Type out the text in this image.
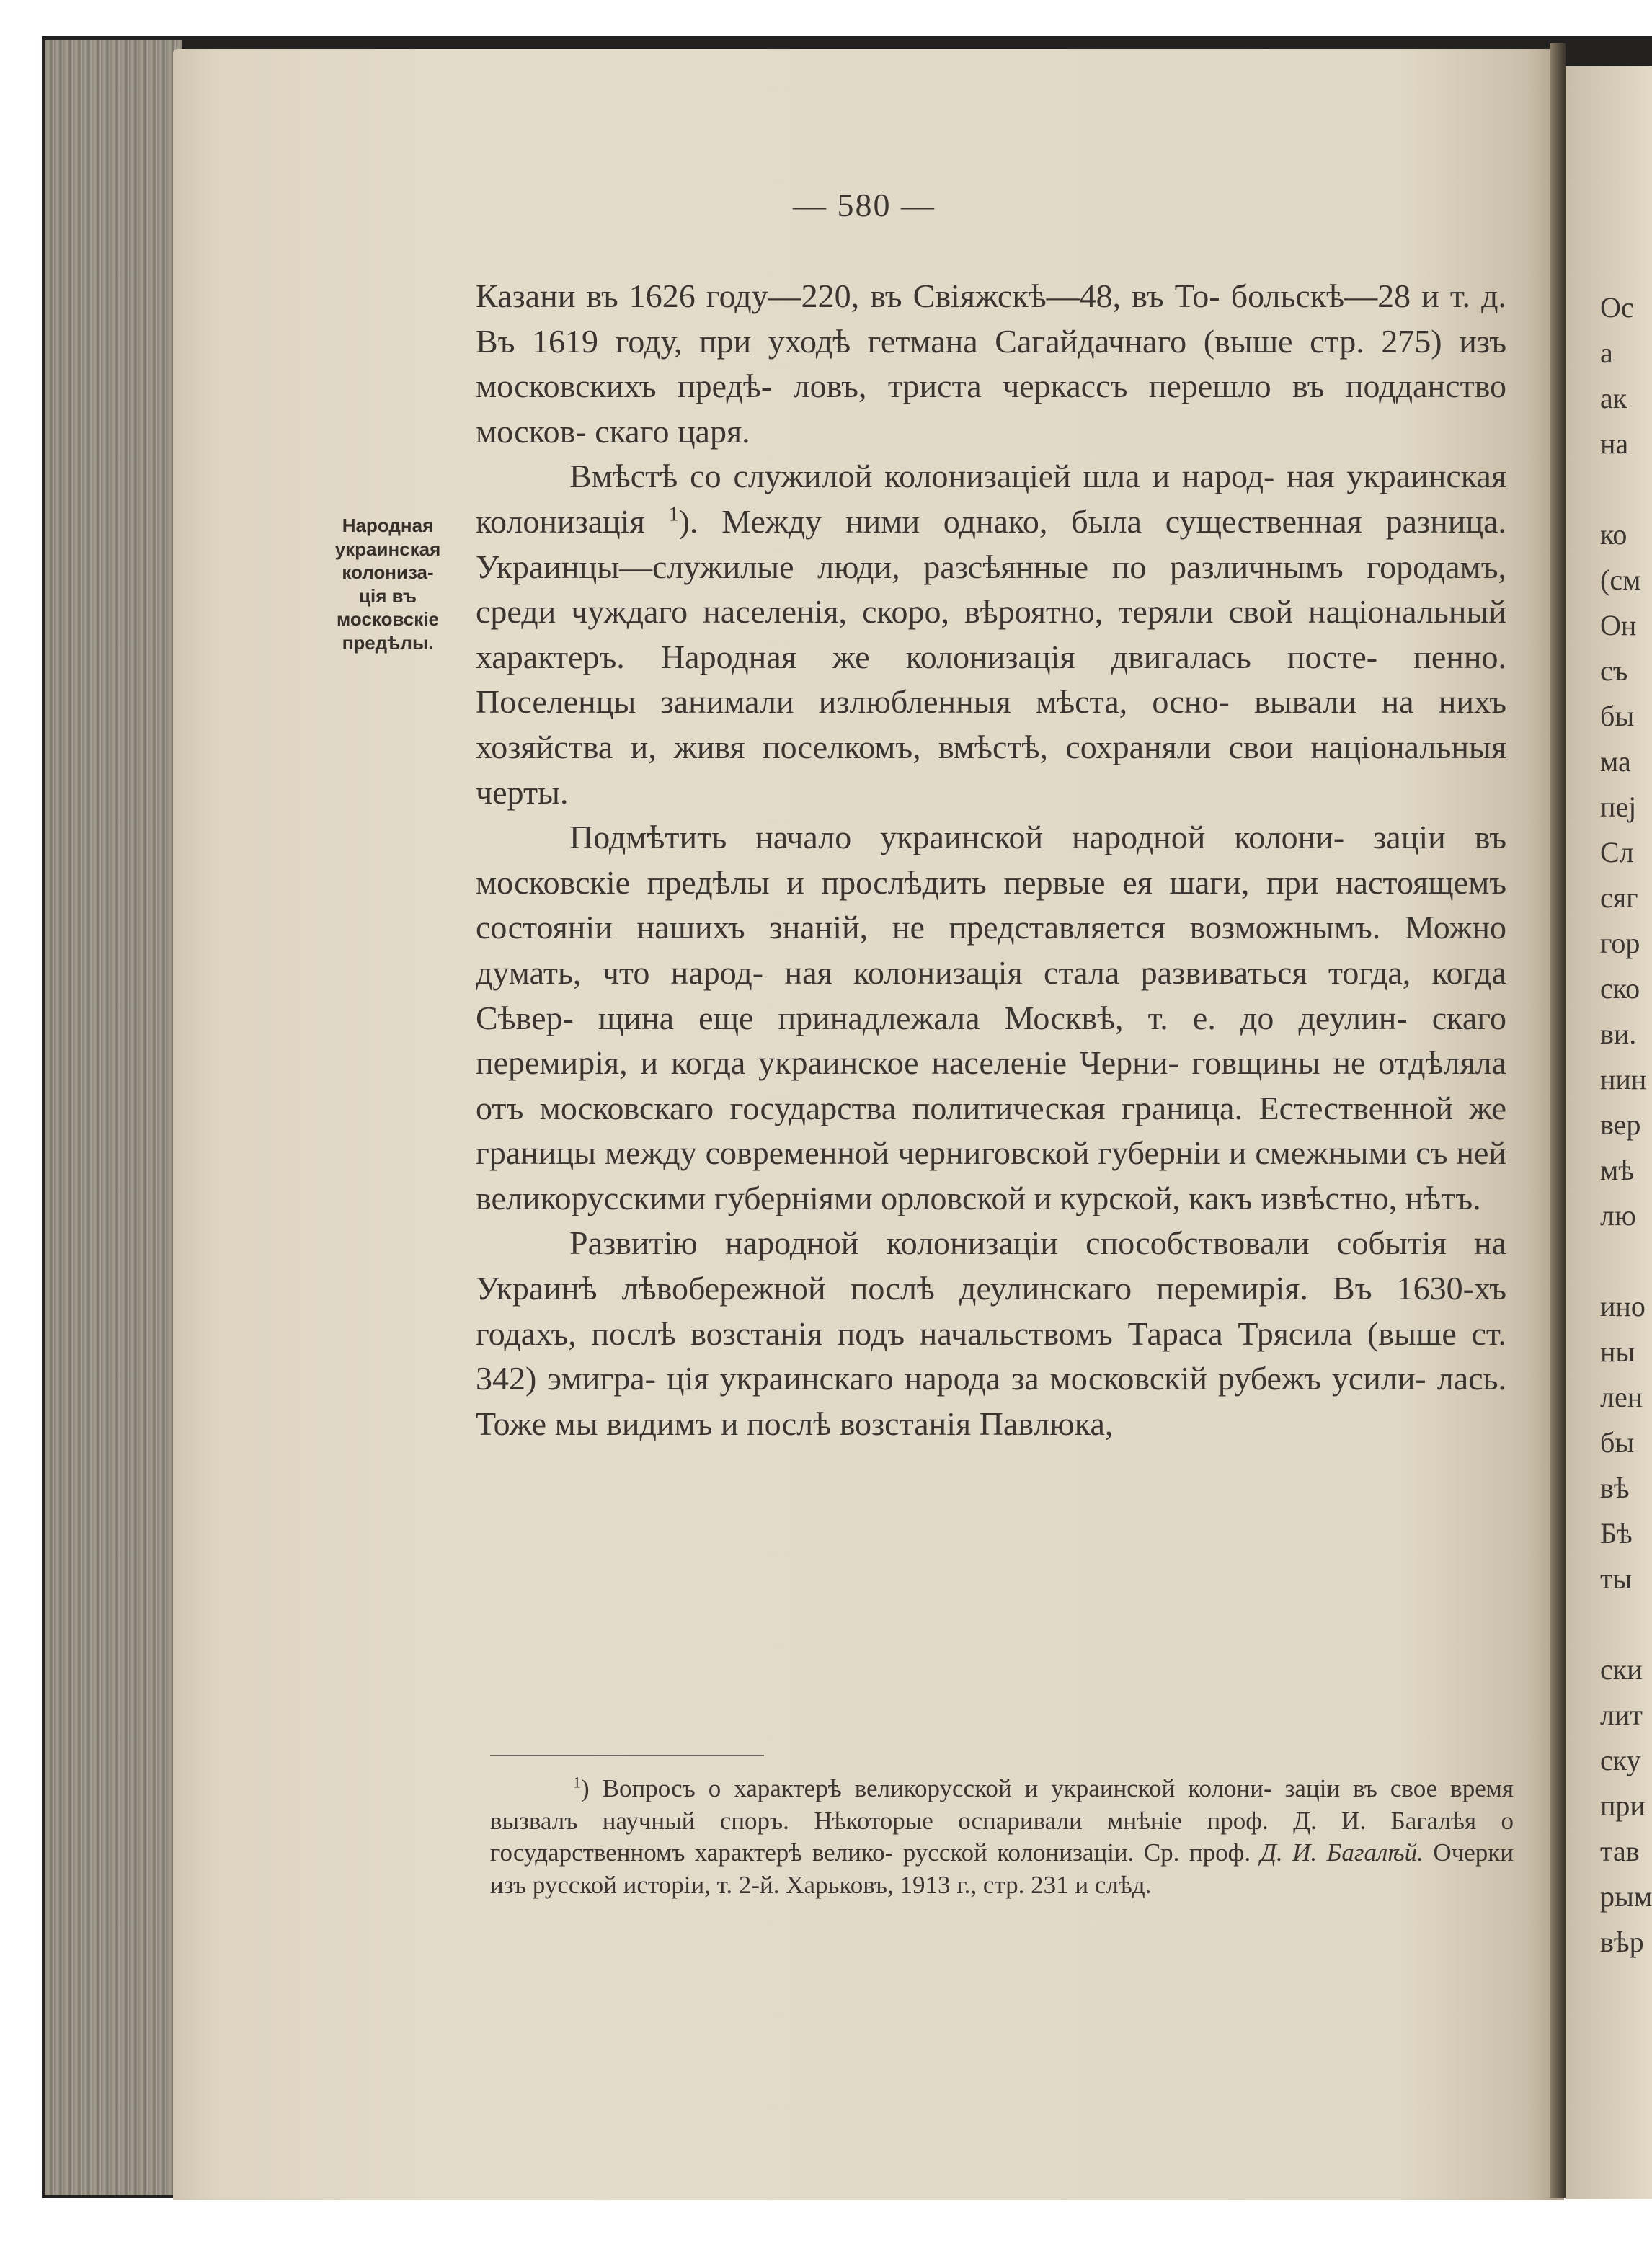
— 580 —
Народная
украинская
колониза-
ція въ
московскіе
предѣлы.

Казани въ 1626 году—220, въ Свіяжскѣ—48, въ То- больскѣ—28 и т. д. Въ 1619 году, при уходѣ гетмана Сагайдачнаго (выше стр. 275) изъ московскихъ предѣ- ловъ, триста черкассъ перешло въ подданство москов- скаго царя.

Вмѣстѣ со служилой колонизаціей шла и народ- ная украинская колонизація $^1$). Между ними однако, была существенная разница. Украинцы—служилые люди, разсѣянные по различнымъ городамъ, среди чуждаго населенія, скоро, вѣроятно, теряли свой національный характеръ. Народная же колонизація двигалась посте- пенно. Поселенцы занимали излюбленныя мѣста, осно- вывали на нихъ хозяйства и, живя поселкомъ, вмѣстѣ, сохраняли свои національныя черты.

Подмѣтить начало украинской народной колони- заціи въ московскіе предѣлы и прослѣдить первые ея шаги, при настоящемъ состояніи нашихъ знаній, не представляется возможнымъ. Можно думать, что народ- ная колонизація стала развиваться тогда, когда Сѣвер- щина еще принадлежала Москвѣ, т. е. до деулин- скаго перемирія, и когда украинское населеніе Черни- говщины не отдѣляла отъ московскаго государства политическая граница. Естественной же границы между современной черниговской губерніи и смежными съ ней великорусскими губерніями орловской и курской, какъ извѣстно, нѣтъ.

Развитію народной колонизаціи способствовали событія на Украинѣ лѣвобережной послѣ деулинскаго перемирія. Въ 1630-хъ годахъ, послѣ возстанія подъ начальствомъ Тараса Трясила (выше ст. 342) эмигра- ція украинскаго народа за московскій рубежъ усили- лась. Тоже мы видимъ и послѣ возстанія Павлюка,

$^1$) Вопросъ о характерѣ великорусской и украинской колони- заціи въ свое время вызвалъ научный споръ. Нѣкоторые оспаривали мнѣніе проф. Д. И. Багалѣя о государственномъ характерѣ велико- русской колонизаціи. Ср. проф. Д. И. Багалѣй. Очерки изъ русской исторіи, т. 2-й. Харьковъ, 1913 г., стр. 231 и слѣд.

Ос
а
ак
на
ко
(см
Он
съ
бы
ма
пеј
Сл
сяг
гор
ско
ви.
нин
вер
мѣ
лю
ино
ны
лен
бы
вѣ
Бѣ
ты
ски
лит
ску
при
тав
рым
вѣр
